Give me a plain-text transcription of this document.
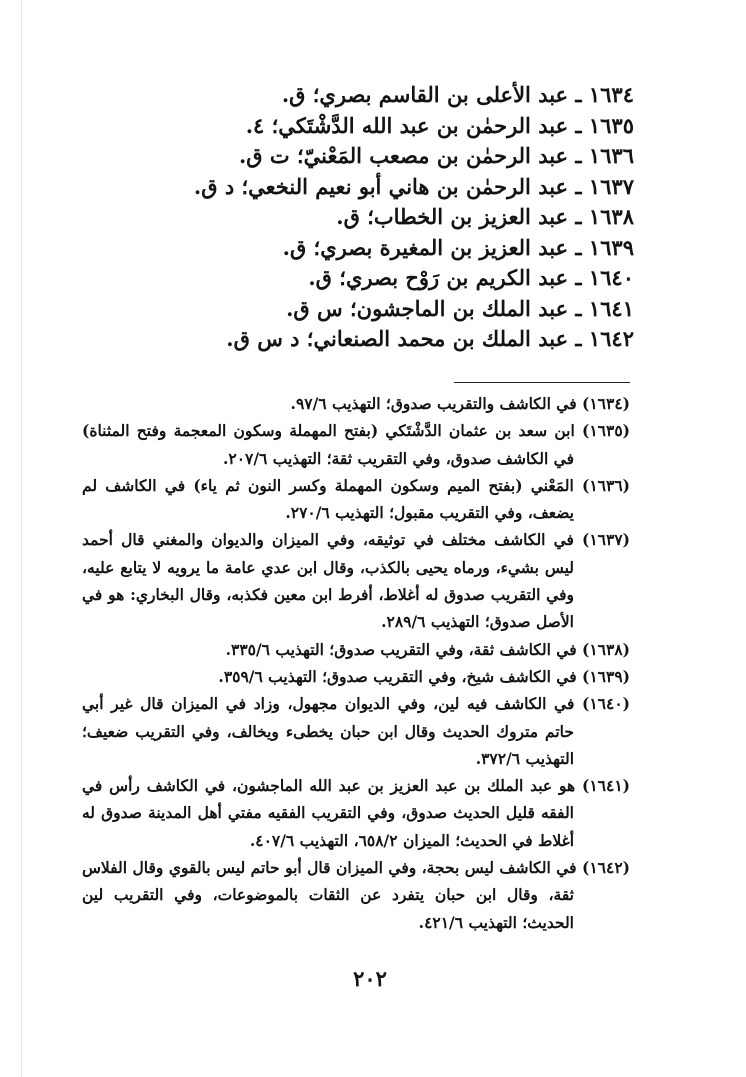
١٦٣٤ ـ عبد الأعلى بن القاسم بصري؛ ق.
١٦٣٥ ـ عبد الرحمٰن بن عبد الله الدَّشْتَكي؛ ٤.
١٦٣٦ ـ عبد الرحمٰن بن مصعب المَعْنيّ؛ ت ق.
١٦٣٧ ـ عبد الرحمٰن بن هاني أبو نعيم النخعي؛ د ق.
١٦٣٨ ـ عبد العزيز بن الخطاب؛ ق.
١٦٣٩ ـ عبد العزيز بن المغيرة بصري؛ ق.
١٦٤٠ ـ عبد الكريم بن رَوْح بصري؛ ق.
١٦٤١ ـ عبد الملك بن الماجشون؛ س ق.
١٦٤٢ ـ عبد الملك بن محمد الصنعاني؛ د س ق.
(١٦٣٤) في الكاشف والتقريب صدوق؛ التهذيب ٩٧/٦.
(١٦٣٥) ابن سعد بن عثمان الدَّشْتَكي (بفتح المهملة وسكون المعجمة وفتح المثناة) في الكاشف صدوق، وفي التقريب ثقة؛ التهذيب ٢٠٧/٦.
(١٦٣٦) المَعْني (بفتح الميم وسكون المهملة وكسر النون ثم ياء) في الكاشف لم يضعف، وفي التقريب مقبول؛ التهذيب ٢٧٠/٦.
(١٦٣٧) في الكاشف مختلف في توثيقه، وفي الميزان والديوان والمغني قال أحمد ليس بشيء، ورماه يحيى بالكذب، وقال ابن عدي عامة ما يرويه لا يتابع عليه، وفي التقريب صدوق له أغلاط، أفرط ابن معين فكذبه، وقال البخاري: هو في الأصل صدوق؛ التهذيب ٢٨٩/٦.
(١٦٣٨) في الكاشف ثقة، وفي التقريب صدوق؛ التهذيب ٣٣٥/٦.
(١٦٣٩) في الكاشف شيخ، وفي التقريب صدوق؛ التهذيب ٣٥٩/٦.
(١٦٤٠) في الكاشف فيه لين، وفي الديوان مجهول، وزاد في الميزان قال غير أبي حاتم متروك الحديث وقال ابن حبان يخطىء ويخالف، وفي التقريب ضعيف؛ التهذيب ٣٧٢/٦.
(١٦٤١) هو عبد الملك بن عبد العزيز بن عبد الله الماجشون، في الكاشف رأس في الفقه قليل الحديث صدوق، وفي التقريب الفقيه مفتي أهل المدينة صدوق له أغلاط في الحديث؛ الميزان ٦٥٨/٢، التهذيب ٤٠٧/٦.
(١٦٤٢) في الكاشف ليس بحجة، وفي الميزان قال أبو حاتم ليس بالقوي وقال الفلاس ثقة، وقال ابن حبان يتفرد عن الثقات بالموضوعات، وفي التقريب لين الحديث؛ التهذيب ٤٢١/٦.
٢٠٢
